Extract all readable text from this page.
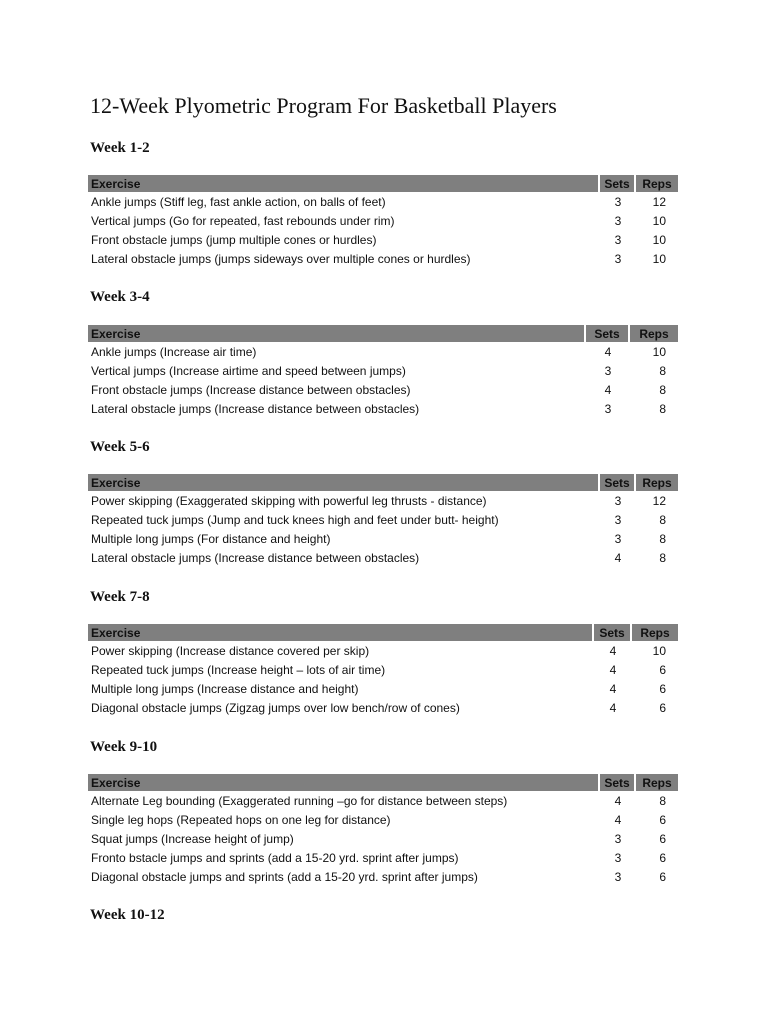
12-Week Plyometric Program For Basketball Players
Week 1-2
Exercise	Sets	Reps
Ankle jumps (Stiff leg, fast ankle action, on balls of feet)	3	12
Vertical jumps (Go for repeated, fast rebounds under rim)	3	10
Front obstacle jumps (jump multiple cones or hurdles)	3	10
Lateral obstacle jumps (jumps sideways over multiple cones or hurdles)	3	10
Week 3-4
Exercise	Sets	Reps
Ankle jumps (Increase air time)	4	10
Vertical jumps (Increase airtime and speed between jumps)	3	8
Front obstacle jumps (Increase distance between obstacles)	4	8
Lateral obstacle jumps (Increase distance between obstacles)	3	8
Week 5-6
Exercise	Sets	Reps
Power skipping (Exaggerated skipping with powerful leg thrusts - distance)	3	12
Repeated tuck jumps (Jump and tuck knees high and feet under butt- height)	3	8
Multiple long jumps (For distance and height)	3	8
Lateral obstacle jumps (Increase distance between obstacles)	4	8
Week 7-8
Exercise	Sets	Reps
Power skipping (Increase distance covered per skip)	4	10
Repeated tuck jumps (Increase height – lots of air time)	4	6
Multiple long jumps (Increase distance and height)	4	6
Diagonal obstacle jumps (Zigzag jumps over low bench/row of cones)	4	6
Week 9-10
Exercise	Sets	Reps
Alternate Leg bounding (Exaggerated running –go for distance between steps)	4	8
Single leg hops (Repeated hops on one leg for distance)	4	6
Squat jumps (Increase height of jump)	3	6
Fronto bstacle jumps and sprints (add a 15-20 yrd. sprint after jumps)	3	6
Diagonal obstacle jumps and sprints (add a 15-20 yrd. sprint after jumps)	3	6
Week 10-12
